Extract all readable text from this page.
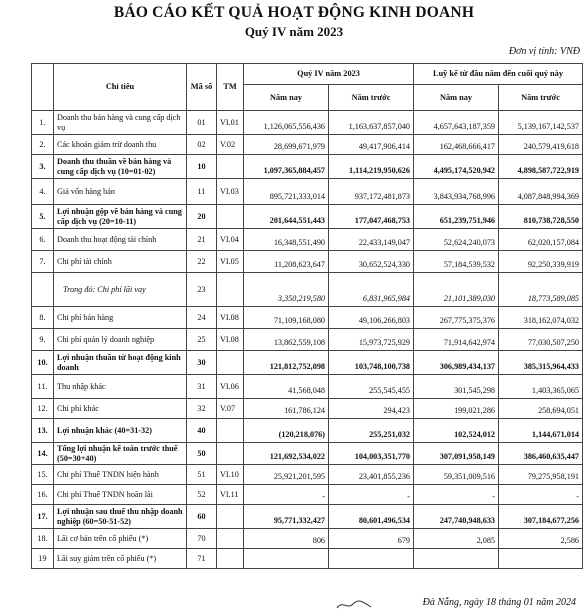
BÁO CÁO KẾT QUẢ HOẠT ĐỘNG KINH DOANH
Quý IV năm 2023
Đơn vị tính: VNĐ
	Chỉ tiêu	Mã số	TM	Quý IV năm 2023		Luỹ kế từ đầu năm đến cuối quý này	
				Năm nay	Năm trước	Năm nay	Năm trước
1.	Doanh thu bán hàng và cung cấp dịch vụ	01	VI.01	1,126,065,556,436	1,163,637,857,040	4,657,643,187,359	5,139,167,142,537
2.	Các khoản giảm trừ doanh thu	02	V.02	28,699,671,979	49,417,906,414	162,468,666,417	240,579,419,618
3.	Doanh thu thuần về bán hàng và cung cấp dịch vụ (10=01-02)	10		1,097,365,884,457	1,114,219,950,626	4,495,174,520,942	4,898,587,722,919
4.	Giá vốn hàng bán	11	VI.03	895,721,333,014	937,172,481,873	3,843,934,768,996	4,087,848,994,369
5.	Lợi nhuận gộp về bán hàng và cung cấp dịch vụ (20=10-11)	20		201,644,551,443	177,047,468,753	651,239,751,946	810,738,728,550
6.	Doanh thu hoạt động tài chính	21	VI.04	16,348,551,490	22,433,149,047	52,624,240,073	62,020,157,084
7.	Chi phí tài chính	22	VI.05	11,208,623,647	30,652,524,330	57,184,539,532	92,250,339,919
	Trong đó: Chi phí lãi vay	23		3,350,219,580	6,831,965,984	21,101,389,030	18,773,589,085
8.	Chi phí bán hàng	24	VI.08	71,109,168,080	49,106,266,803	267,775,375,376	318,162,074,032
9.	Chi phí quản lý doanh nghiệp	25	VI.08	13,862,559,108	15,973,725,929	71,914,642,974	77,030,507,250
10.	Lợi nhuận thuần từ hoạt động kinh doanh	30		121,812,752,098	103,748,100,738	306,989,434,137	385,315,964,433
11.	Thu nhập khác	31	VI.06	41,568,048	255,545,455	301,545,298	1,403,365,065
12.	Chi phí khác	32	V.07	161,786,124	294,423	199,021,286	258,694,051
13.	Lợi nhuận khác (40=31-32)	40		(120,218,076)	255,251,032	102,524,012	1,144,671,014
14.	Tổng lợi nhuận kế toán trước thuế (50=30+40)	50		121,692,534,022	104,003,351,770	307,091,958,149	386,460,635,447
15.	Chi phí Thuế TNDN hiện hành	51	VI.10	25,921,201,595	23,401,855,236	59,351,009,516	79,275,958,191
16.	Chi phí Thuế TNDN hoãn lãi	52	VI.11	-	-	-	-
17.	Lợi nhuận sau thuế thu nhập doanh nghiệp (60=50-51-52)	60		95,771,332,427	80,601,496,534	247,740,948,633	307,184,677,256
18.	Lãi cơ bản trên cổ phiếu (*)	70		806	679	2,085	2,586
19	Lãi suy giảm trên cổ phiếu (*)	71					
Đà Nẵng, ngày 18 tháng 01 năm 2024
